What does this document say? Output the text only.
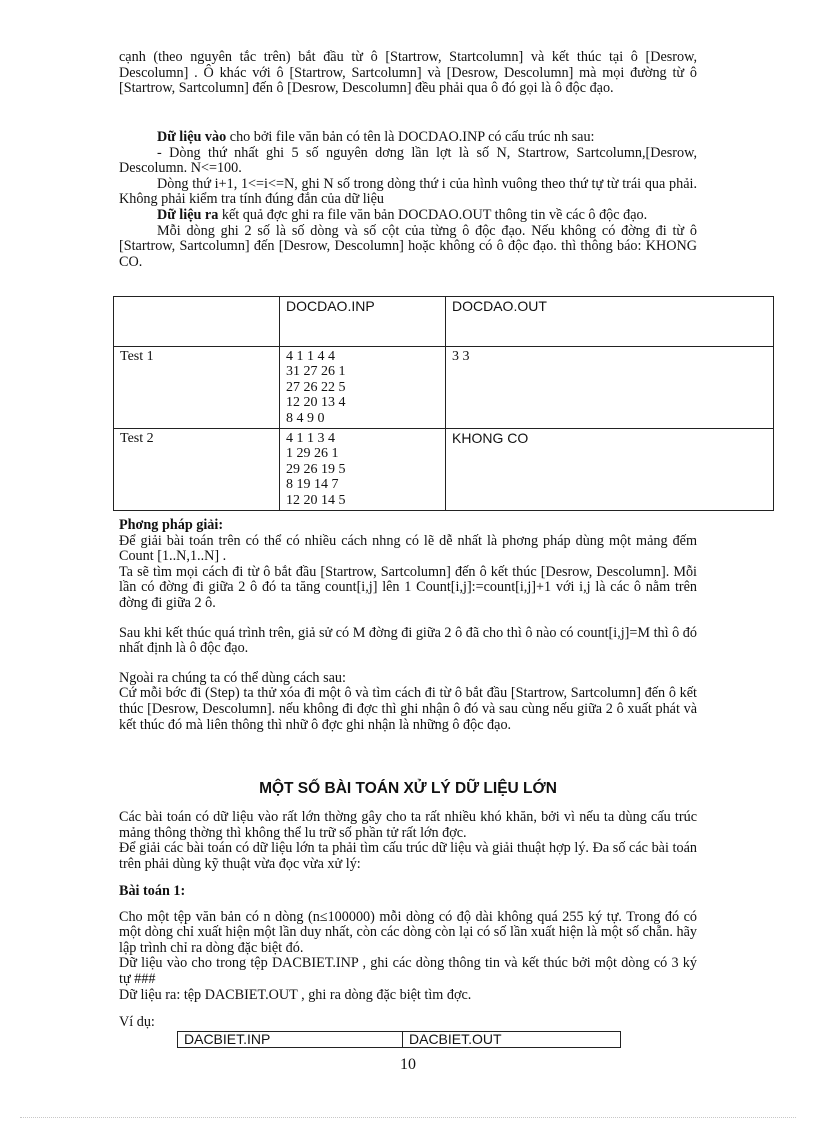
cạnh (theo nguyên tắc trên) bắt đầu từ ô [Startrow, Startcolumn] và kết thúc tại ô [Desrow, Descolumn] . Ô khác với ô [Startrow, Sartcolumn] và [Desrow, Descolumn] mà mọi đường từ ô [Startrow, Sartcolumn] đến ô [Desrow, Descolumn] đều phải qua ô đó gọi là ô độc đạo.

Dữ liệu vào cho bởi file văn bản có tên là DOCDAO.INP có cấu trúc nh sau:

- Dòng thứ nhất ghi 5 số nguyên dơng lần lợt là số N, Startrow, Sartcolumn,[Desrow, Descolumn. N<=100.

Dòng thứ i+1, 1<=i<=N, ghi N số trong dòng thứ i của hình vuông theo thứ tự từ trái qua phải. Không phải kiểm tra tính đúng đắn của dữ liệu

Dữ liệu ra kết quả đợc ghi ra file văn bản DOCDAO.OUT thông tin về các ô độc đạo.

Mỗi dòng ghi 2 số là số dòng và số cột của từng ô độc đạo. Nếu không có đờng đi từ ô [Startrow, Sartcolumn] đến [Desrow, Descolumn] hoặc không có ô độc đạo. thì thông báo: KHONG CO.

	DOCDAO.INP	DOCDAO.OUT
Test 1	4 1 1 4 4
31 27 26 1
27 26 22 5
12 20 13 4
8 4 9 0	3 3
Test 2	4 1 1 3 4
1 29 26 1
29 26 19 5
8 19 14 7
12 20 14 5	KHONG CO

Phơng pháp giải:

Để giải bài toán trên có thể có nhiều cách nhng có lẽ dễ nhất là phơng pháp dùng một mảng đếm Count [1..N,1..N] .

Ta sẽ tìm mọi cách đi từ ô bắt đầu [Startrow, Sartcolumn] đến ô kết thúc [Desrow, Descolumn]. Mỗi lần có đờng đi giữa 2 ô đó ta tăng count[i,j] lên 1 Count[i,j]:=count[i,j]+1 với i,j là các ô nằm trên đờng đi giữa 2 ô.

Sau khi kết thúc quá trình trên, giả sử có M đờng đi giữa 2 ô đã cho thì ô nào có count[i,j]=M thì ô đó nhất định là ô độc đạo.

Ngoài ra chúng ta có thể dùng cách sau:

Cứ mỗi bớc đi (Step) ta thử xóa đi một ô và tìm cách đi từ ô bắt đầu [Startrow, Sartcolumn] đến ô kết thúc [Desrow, Descolumn]. nếu không đi đợc thì ghi nhận ô đó và sau cùng nếu giữa 2 ô xuất phát và kết thúc đó mà liên thông thì nhữ ô đợc ghi nhận là những ô độc đạo.

MỘT SỐ BÀI TOÁN XỬ LÝ DỮ LIỆU LỚN

Các bài toán có dữ liệu vào rất lớn thờng gây cho ta rất nhiều khó khăn, bởi vì nếu ta dùng cấu trúc mảng thông thờng thì không thể lu trữ số phần tử rất lớn đợc.

Để giải các bài toán có dữ liệu lớn ta phải tìm cấu trúc dữ liệu và giải thuật hợp lý. Đa số các bài toán trên phải dùng kỹ thuật vừa đọc vừa xử lý:

Bài toán 1:

Cho một tệp văn bản có n dòng (n≤100000) mỗi dòng có độ dài không quá 255 ký tự. Trong đó có một dòng chỉ xuất hiện một lần duy nhất, còn các dòng còn lại có số lần xuất hiện là một số chẵn. hãy lập trình chỉ ra dòng đặc biệt đó.

Dữ liệu vào cho trong tệp DACBIET.INP , ghi các dòng thông tin và kết thúc bởi một dòng có 3 ký tự ###

Dữ liệu ra: tệp DACBIET.OUT , ghi ra dòng đặc biệt tìm đợc.

Ví dụ:

DACBIET.INP	DACBIET.OUT
10
